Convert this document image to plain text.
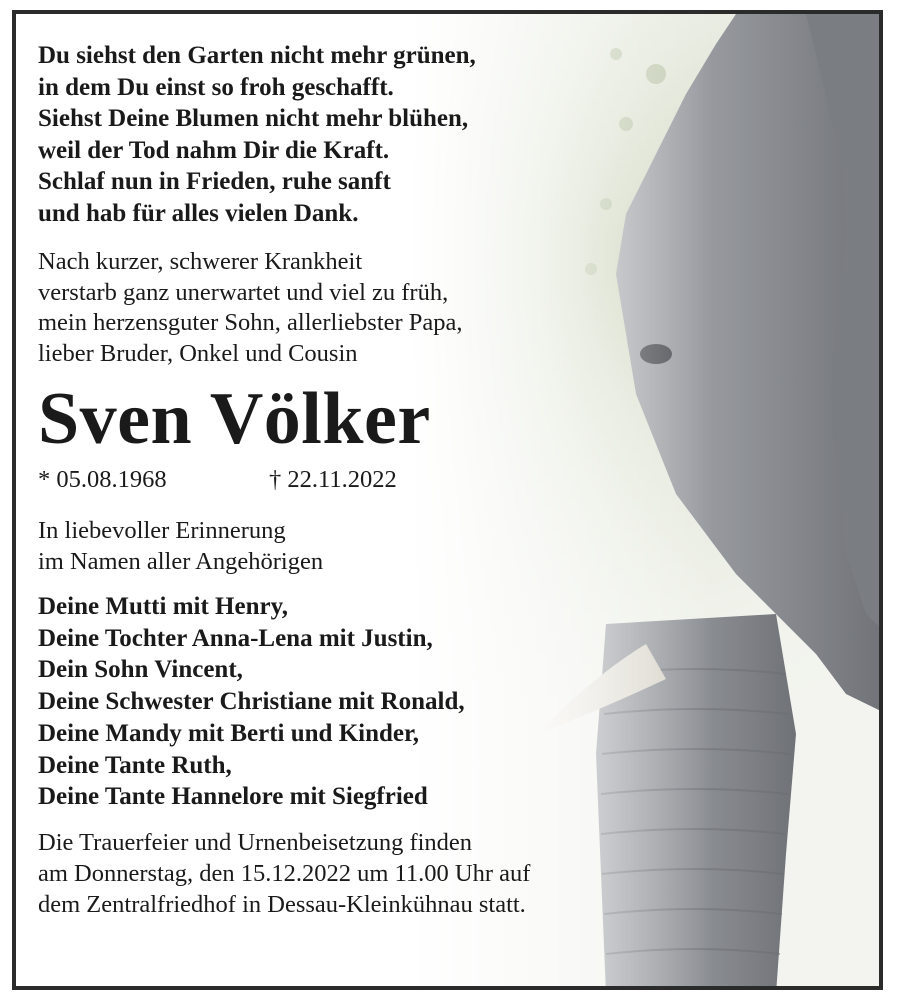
Du siehst den Garten nicht mehr grünen,
in dem Du einst so froh geschafft.
Siehst Deine Blumen nicht mehr blühen,
weil der Tod nahm Dir die Kraft.
Schlaf nun in Frieden, ruhe sanft
und hab für alles vielen Dank.
Nach kurzer, schwerer Krankheit
verstarb ganz unerwartet und viel zu früh,
mein herzensguter Sohn, allerliebster Papa,
lieber Bruder, Onkel und Cousin
Sven Völker
* 05.08.1968	† 22.11.2022
In liebevoller Erinnerung
im Namen aller Angehörigen
Deine Mutti mit Henry,
Deine Tochter Anna-Lena mit Justin,
Dein Sohn Vincent,
Deine Schwester Christiane mit Ronald,
Deine Mandy mit Berti und Kinder,
Deine Tante Ruth,
Deine Tante Hannelore mit Siegfried
Die Trauerfeier und Urnenbeisetzung finden
am Donnerstag, den 15.12.2022 um 11.00 Uhr auf
dem Zentralfriedhof in Dessau-Kleinkühnau statt.
